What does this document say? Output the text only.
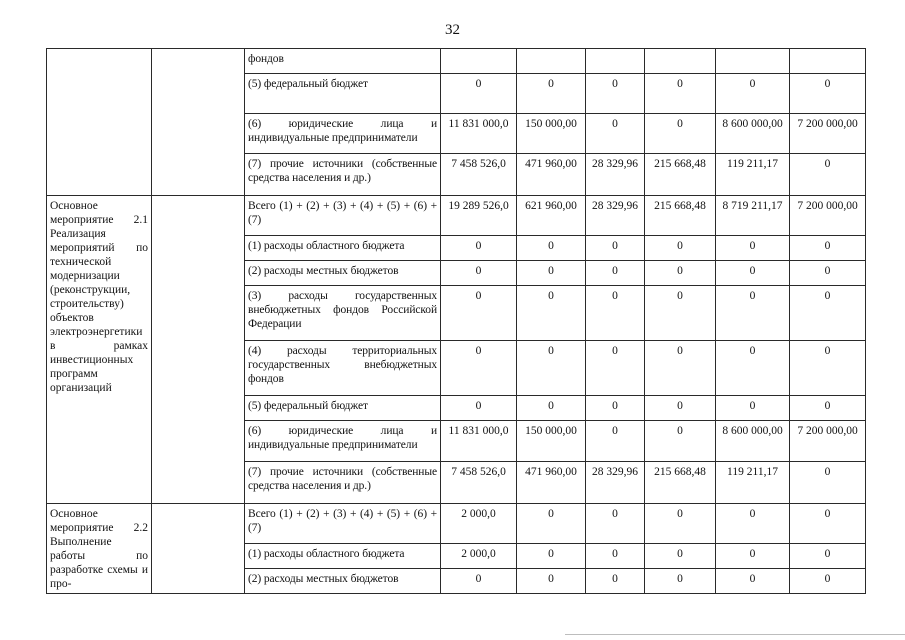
32
		фондов						
		(5) федеральный бюджет	0	0	0	0	0	0
		(6) юридические лица и индивидуальные предприниматели	11 831 000,0	150 000,00	0	0	8 600 000,00	7 200 000,00
		(7) прочие источники (собственные средства населения и др.)	7 458 526,0	471 960,00	28 329,96	215 668,48	119 211,17	0
Основное мероприятие 2.1 Реализация мероприятий по технической модернизации (реконструкции, строительству) объектов электроэнергетики в рамках инвестиционных программ организаций		Всего (1) + (2) + (3) + (4) + (5) + (6) + (7)	19 289 526,0	621 960,00	28 329,96	215 668,48	8 719 211,17	7 200 000,00
		(1) расходы областного бюджета	0	0	0	0	0	0
		(2) расходы местных бюджетов	0	0	0	0	0	0
		(3) расходы государственных внебюджетных фондов Российской Федерации	0	0	0	0	0	0
		(4) расходы территориальных государственных внебюджетных фондов	0	0	0	0	0	0
		(5) федеральный бюджет	0	0	0	0	0	0
		(6) юридические лица и индивидуальные предприниматели	11 831 000,0	150 000,00	0	0	8 600 000,00	7 200 000,00
		(7) прочие источники (собственные средства населения и др.)	7 458 526,0	471 960,00	28 329,96	215 668,48	119 211,17	0
Основное мероприятие 2.2 Выполнение работы по разработке схемы и про-		Всего (1) + (2) + (3) + (4) + (5) + (6) + (7)	2 000,0	0	0	0	0	0
		(1) расходы областного бюджета	2 000,0	0	0	0	0	0
		(2) расходы местных бюджетов	0	0	0	0	0	0
